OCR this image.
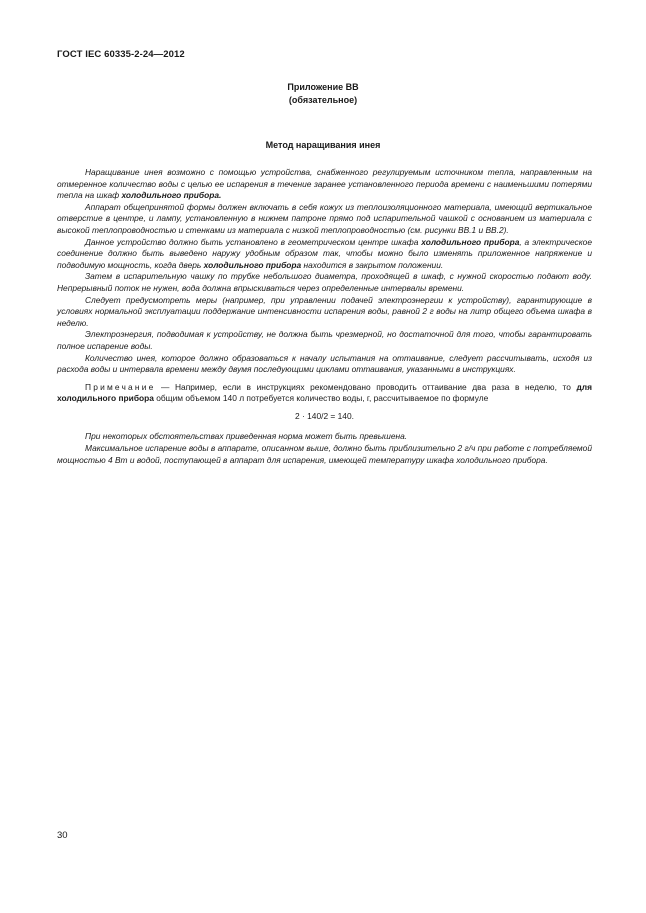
ГОСТ IEC 60335-2-24—2012
Приложение ВВ
(обязательное)
Метод наращивания инея

Наращивание инея возможно с помощью устройства, снабженного регулируемым источником тепла, направленным на отмеренное количество воды с целью ее испарения в течение заранее установленного периода времени с наименьшими потерями тепла на шкаф холодильного прибора.

Аппарат общепринятой формы должен включать в себя кожух из теплоизоляционного материала, имеющий вертикальное отверстие в центре, и лампу, установленную в нижнем патроне прямо под испарительной чашкой с основанием из материала с высокой теплопроводностью и стенками из материала с низкой теплопроводностью (см. рисунки ВВ.1 и ВВ.2).

Данное устройство должно быть установлено в геометрическом центре шкафа холодильного прибора, а электрическое соединение должно быть выведено наружу удобным образом так, чтобы можно было изменять приложенное напряжение и подводимую мощность, когда дверь холодильного прибора находится в закрытом положении.

Затем в испарительную чашку по трубке небольшого диаметра, проходящей в шкаф, с нужной скоростью подают воду. Непрерывный поток не нужен, вода должна впрыскиваться через определенные интервалы времени.

Следует предусмотреть меры (например, при управлении подачей электроэнергии к устройству), гарантирующие в условиях нормальной эксплуатации поддержание интенсивности испарения воды, равной 2 г воды на литр общего объема шкафа в неделю.

Электроэнергия, подводимая к устройству, не должна быть чрезмерной, но достаточной для того, чтобы гарантировать полное испарение воды.

Количество инея, которое должно образоваться к началу испытания на оттаивание, следует рассчитывать, исходя из расхода воды и интервала времени между двумя последующими циклами оттаивания, указанными в инструкциях.

Примечание — Например, если в инструкциях рекомендовано проводить оттаивание два раза в неделю, то для холодильного прибора общим объемом 140 л потребуется количество воды, г, рассчитываемое по формуле

2 · 140/2 = 140.

При некоторых обстоятельствах приведенная норма может быть превышена.

Максимальное испарение воды в аппарате, описанном выше, должно быть приблизительно 2 г/ч при работе с потребляемой мощностью 4 Вт и водой, поступающей в аппарат для испарения, имеющей температуру шкафа холодильного прибора.

30
